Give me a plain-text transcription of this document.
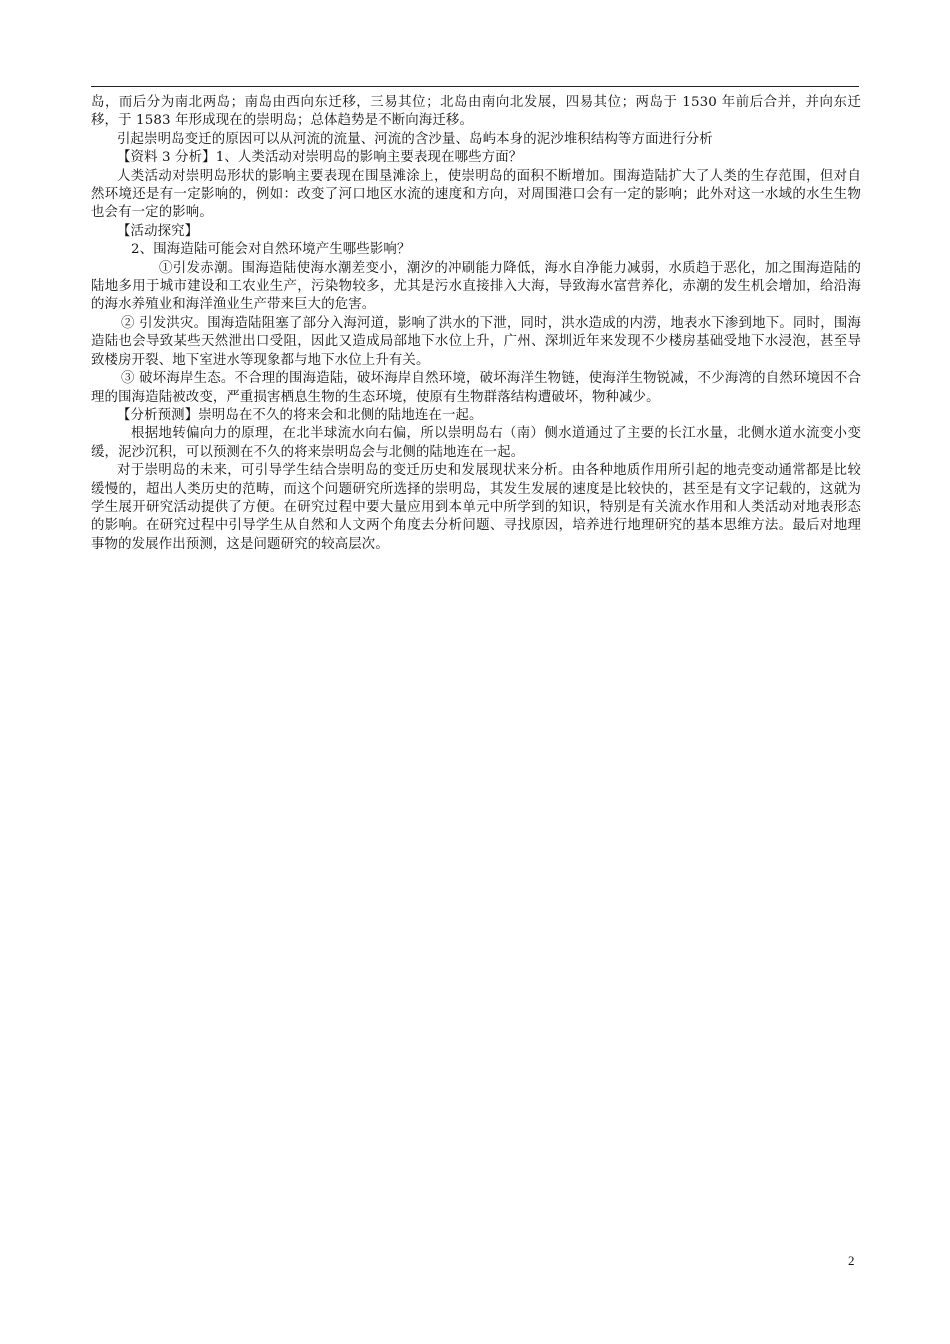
岛，而后分为南北两岛；南岛由西向东迁移，三易其位；北岛由南向北发展，四易其位；两岛于 1530 年前后合并，并向东迁移，于 1583 年形成现在的崇明岛；总体趋势是不断向海迁移。

引起崇明岛变迁的原因可以从河流的流量、河流的含沙量、岛屿本身的泥沙堆积结构等方面进行分析

【资料 3 分析】1、人类活动对崇明岛的影响主要表现在哪些方面？

人类活动对崇明岛形状的影响主要表现在围垦滩涂上，使崇明岛的面积不断增加。围海造陆扩大了人类的生存范围，但对自然环境还是有一定影响的，例如：改变了河口地区水流的速度和方向，对周围港口会有一定的影响；此外对这一水域的水生生物也会有一定的影响。

【活动探究】

2、围海造陆可能会对自然环境产生哪些影响？

①引发赤潮。围海造陆使海水潮差变小，潮汐的冲刷能力降低，海水自净能力减弱，水质趋于恶化，加之围海造陆的陆地多用于城市建设和工农业生产，污染物较多，尤其是污水直接排入大海，导致海水富营养化，赤潮的发生机会增加，给沿海的海水养殖业和海洋渔业生产带来巨大的危害。

② 引发洪灾。围海造陆阻塞了部分入海河道，影响了洪水的下泄，同时，洪水造成的内涝，地表水下渗到地下。同时，围海造陆也会导致某些天然泄出口受阻，因此又造成局部地下水位上升，广州、深圳近年来发现不少楼房基础受地下水浸泡，甚至导致楼房开裂、地下室进水等现象都与地下水位上升有关。

③ 破坏海岸生态。不合理的围海造陆，破坏海岸自然环境，破坏海洋生物链，使海洋生物锐减，不少海湾的自然环境因不合理的围海造陆被改变，严重损害栖息生物的生态环境，使原有生物群落结构遭破坏，物种减少。

【分析预测】崇明岛在不久的将来会和北侧的陆地连在一起。

根据地转偏向力的原理，在北半球流水向右偏，所以崇明岛右（南）侧水道通过了主要的长江水量，北侧水道水流变小变缓，泥沙沉积，可以预测在不久的将来崇明岛会与北侧的陆地连在一起。

对于崇明岛的未来，可引导学生结合崇明岛的变迁历史和发展现状来分析。由各种地质作用所引起的地壳变动通常都是比较缓慢的，超出人类历史的范畴，而这个问题研究所选择的崇明岛，其发生发展的速度是比较快的，甚至是有文字记载的，这就为学生展开研究活动提供了方便。在研究过程中要大量应用到本单元中所学到的知识，特别是有关流水作用和人类活动对地表形态的影响。在研究过程中引导学生从自然和人文两个角度去分析问题、寻找原因，培养进行地理研究的基本思维方法。最后对地理事物的发展作出预测，这是问题研究的较高层次。

2
